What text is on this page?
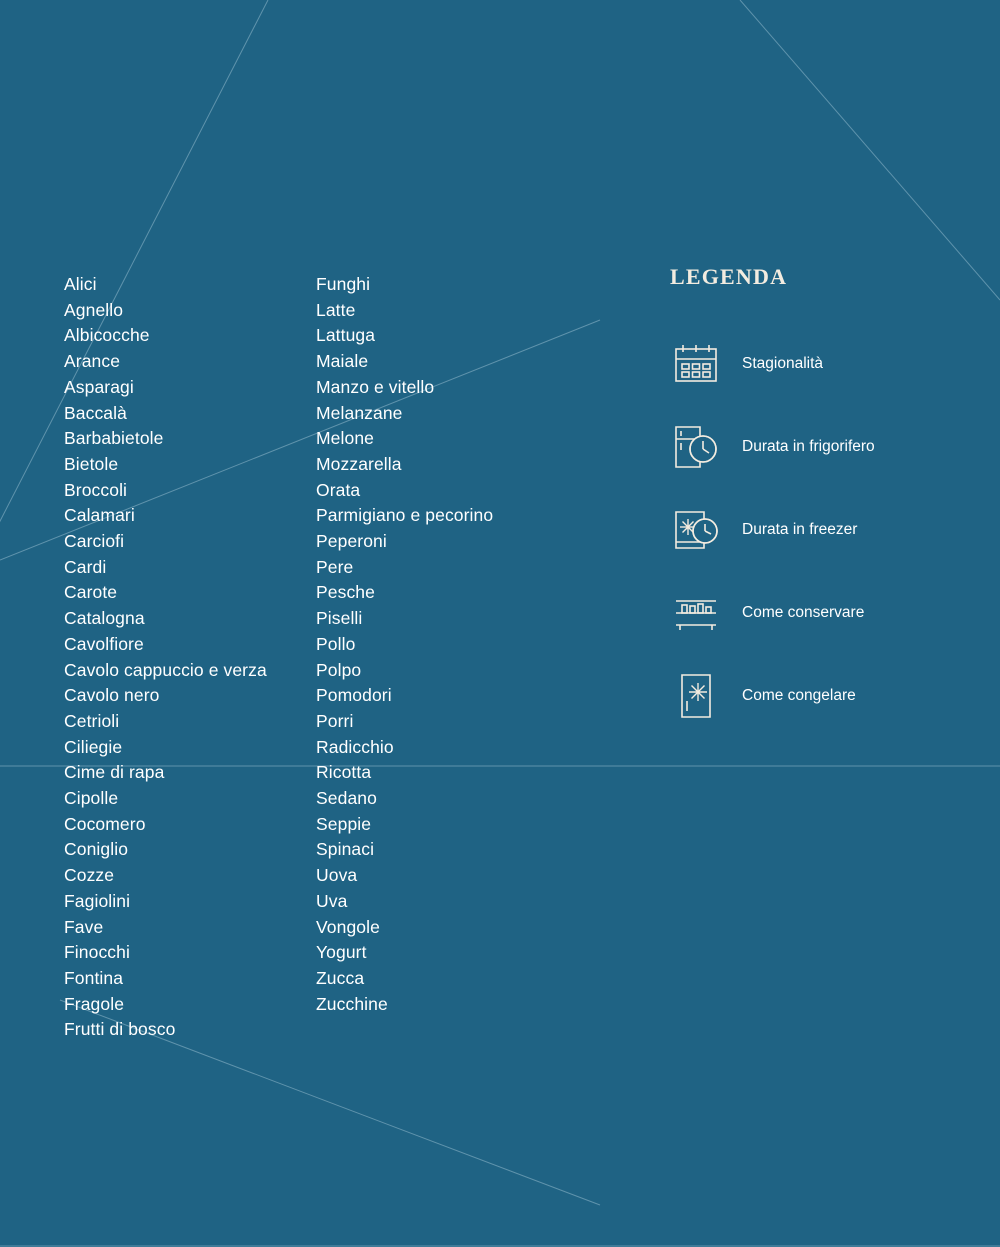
Alici
Agnello
Albicocche
Arance
Asparagi
Baccalà
Barbabietole
Bietole
Broccoli
Calamari
Carciofi
Cardi
Carote
Catalogna
Cavolfiore
Cavolo cappuccio e verza
Cavolo nero
Cetrioli
Ciliegie
Cime di rapa
Cipolle
Cocomero
Coniglio
Cozze
Fagiolini
Fave
Finocchi
Fontina
Fragole
Frutti di bosco
Funghi
Latte
Lattuga
Maiale
Manzo e vitello
Melanzane
Melone
Mozzarella
Orata
Parmigiano e pecorino
Peperoni
Pere
Pesche
Piselli
Pollo
Polpo
Pomodori
Porri
Radicchio
Ricotta
Sedano
Seppie
Spinaci
Uova
Uva
Vongole
Yogurt
Zucca
Zucchine
LEGENDA
Stagionalità
Durata in frigorifero
Durata in freezer
Come conservare
Come congelare
